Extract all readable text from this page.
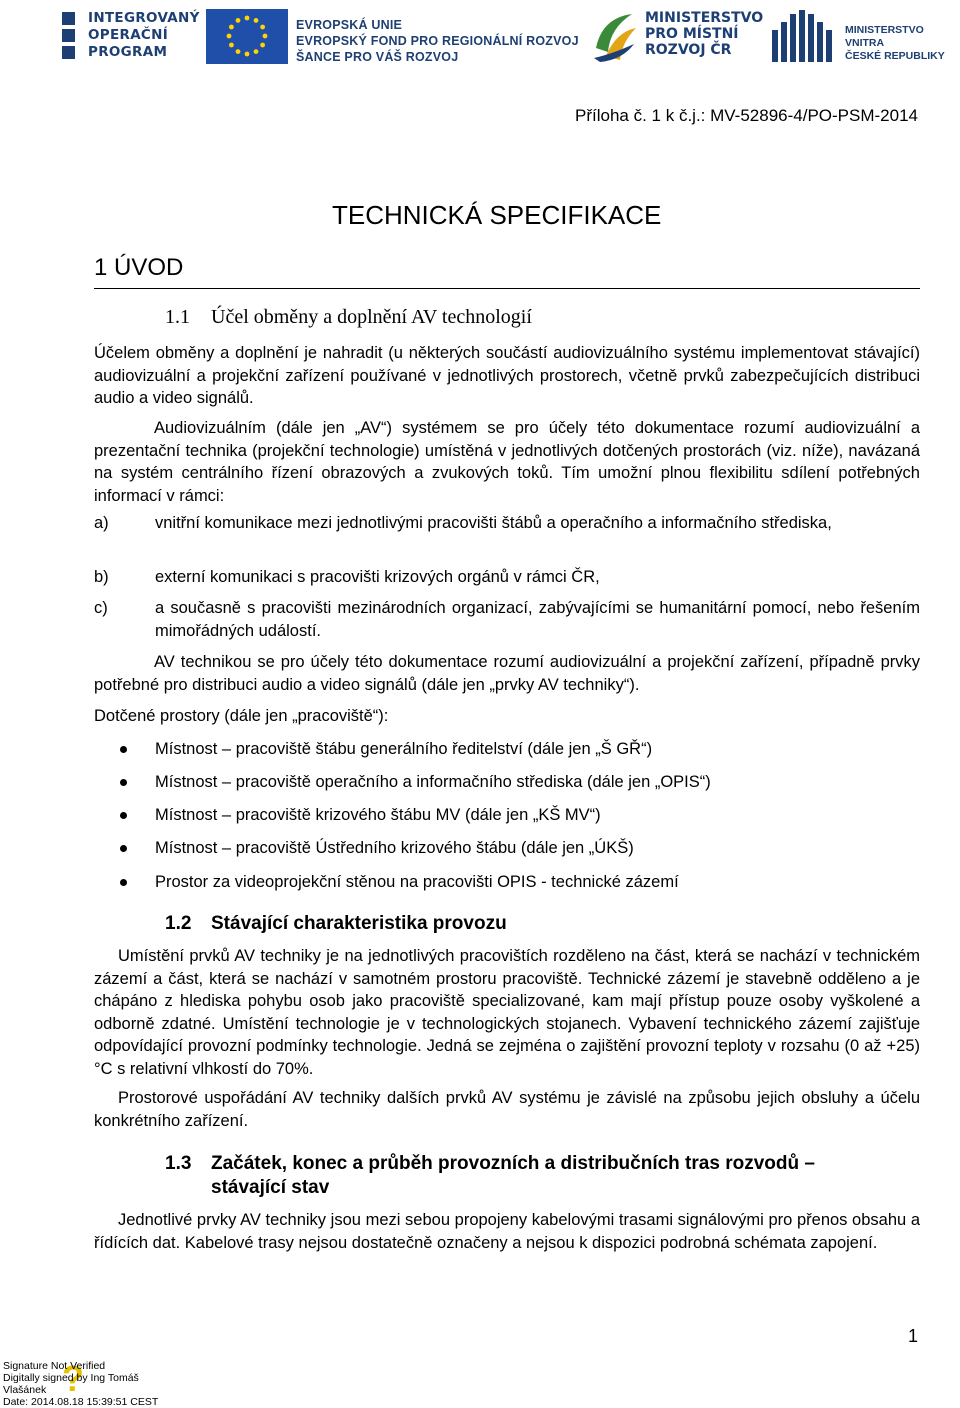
INTEGROVANÝ
OPERAČNÍ
PROGRAM
EVROPSKÁ UNIE
EVROPSKÝ FOND PRO REGIONÁLNÍ ROZVOJ
ŠANCE PRO VÁŠ ROZVOJ
MINISTERSTVO
PRO MÍSTNÍ
ROZVOJ ČR
MINISTERSTVO VNITRA
ČESKÉ REPUBLIKY
Příloha č. 1 k č.j.: MV-52896-4/PO-PSM-2014
TECHNICKÁ SPECIFIKACE
1 ÚVOD
1.1 Účel obměny a doplnění AV technologií
Účelem obměny a doplnění je nahradit (u některých součástí audiovizuálního systému implementovat stávající) audiovizuální a projekční zařízení používané v jednotlivých prostorech, včetně prvků zabezpečujících distribuci audio a video signálů.
Audiovizuálním (dále jen „AV“) systémem se pro účely této dokumentace rozumí audiovizuální a prezentační technika (projekční technologie) umístěná v jednotlivých dotčených prostorách (viz. níže), navázaná na systém centrálního řízení obrazových a zvukových toků. Tím umožní plnou flexibilitu sdílení potřebných informací v rámci:
a)	vnitřní komunikace mezi jednotlivými pracovišti štábů a operačního a informačního střediska,
b)	externí komunikaci s pracovišti krizových orgánů v rámci ČR,
c)	a současně s pracovišti mezinárodních organizací, zabývajícími se humanitární pomocí, nebo řešením mimořádných událostí.
AV technikou se pro účely této dokumentace rozumí audiovizuální a projekční zařízení, případně prvky potřebné pro distribuci audio a video signálů (dále jen „prvky AV techniky“).
Dotčené prostory (dále jen „pracoviště“):
Místnost – pracoviště štábu generálního ředitelství (dále jen „Š GŘ“)
Místnost – pracoviště operačního a informačního střediska (dále jen „OPIS“)
Místnost – pracoviště krizového štábu MV (dále jen „KŠ MV“)
Místnost – pracoviště Ústředního krizového štábu (dále jen „ÚKŠ)
Prostor za videoprojekční stěnou na pracovišti OPIS - technické zázemí
1.2 Stávající charakteristika provozu
Umístění prvků AV techniky je na jednotlivých pracovištích rozděleno na část, která se nachází v technickém zázemí a část, která se nachází v samotném prostoru pracoviště. Technické zázemí je stavebně odděleno a je chápáno z hlediska pohybu osob jako pracoviště specializované, kam mají přístup pouze osoby vyškolené a odborně zdatné. Umístění technologie je v technologických stojanech. Vybavení technického zázemí zajišťuje odpovídající provozní podmínky technologie. Jedná se zejména o zajištění provozní teploty v rozsahu (0 až +25)°C s relativní vlhkostí do 70%.
Prostorové uspořádání AV techniky dalších prvků AV systému je závislé na způsobu jejich obsluhy a účelu konkrétního zařízení.
1.3 Začátek, konec a průběh provozních a distribučních tras rozvodů –
stávající stav
Jednotlivé prvky AV techniky jsou mezi sebou propojeny kabelovými trasami signálovými pro přenos obsahu a řídících dat. Kabelové trasy nejsou dostatečně označeny a nejsou k dispozici podrobná schémata zapojení.
1
?
Signature Not Verified
Digitally signed by Ing Tomáš
Vlašánek
Date: 2014.08.18 15:39:51 CEST
